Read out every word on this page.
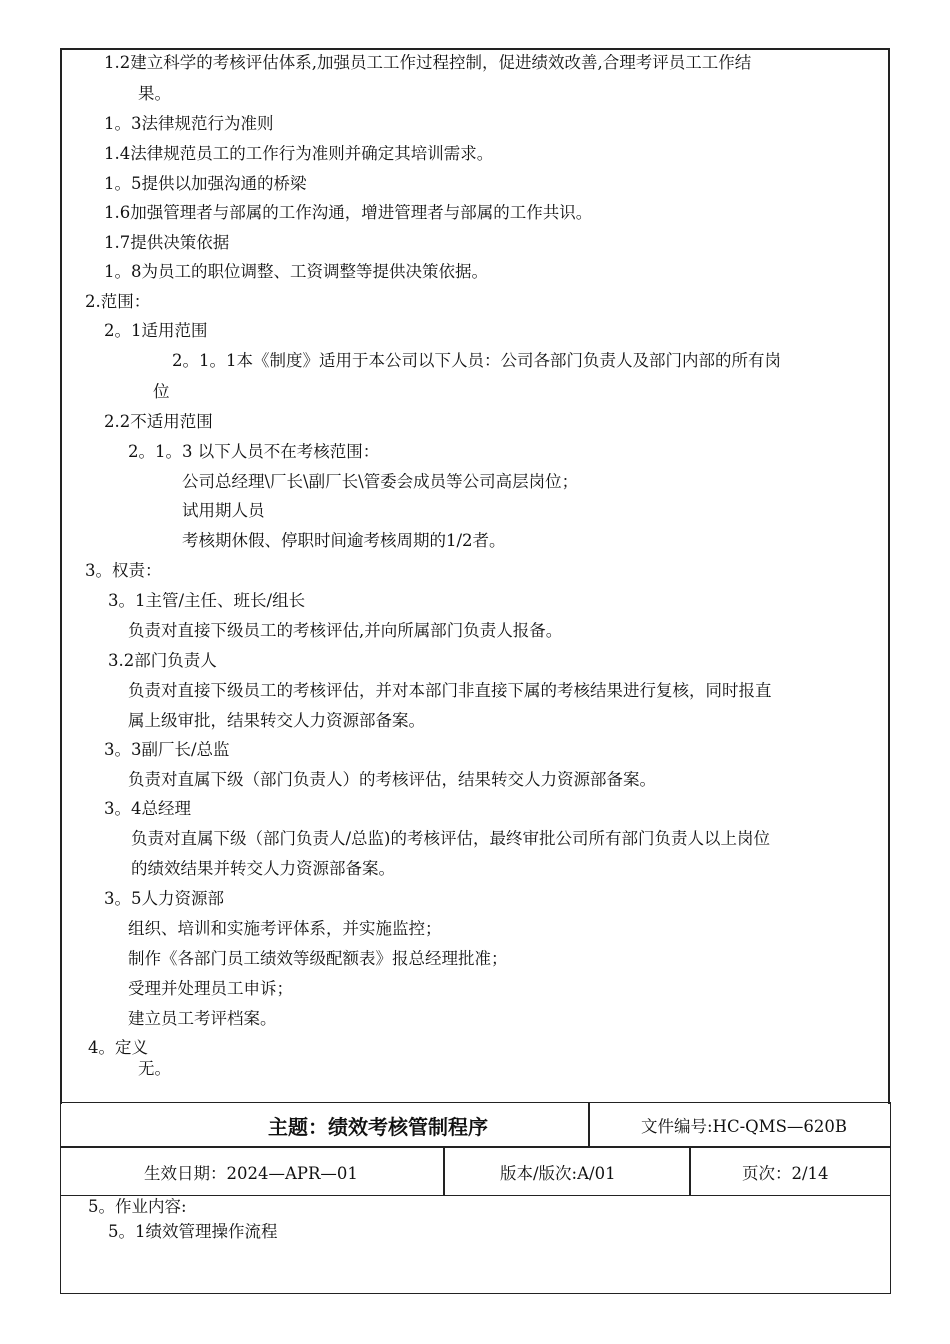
1.2建立科学的考核评估体系,加强员工工作过程控制，促进绩效改善,合理考评员工工作结
果。
1。3法律规范行为准则
1.4法律规范员工的工作行为准则并确定其培训需求。
1。5提供以加强沟通的桥梁
1.6加强管理者与部属的工作沟通，增进管理者与部属的工作共识。
1.7提供决策依据
1。8为员工的职位调整、工资调整等提供决策依据。
2.范围：
2。1适用范围
2。1。1本《制度》适用于本公司以下人员：公司各部门负责人及部门内部的所有岗
位
2.2不适用范围
2。1。3 以下人员不在考核范围：
公司总经理\厂长\副厂长\管委会成员等公司高层岗位；
试用期人员
考核期休假、停职时间逾考核周期的1/2者。
3。权责：
3。1主管/主任、班长/组长
负责对直接下级员工的考核评估,并向所属部门负责人报备。
3.2部门负责人
负责对直接下级员工的考核评估，并对本部门非直接下属的考核结果进行复核，同时报直
属上级审批，结果转交人力资源部备案。
3。3副厂长/总监
负责对直属下级（部门负责人）的考核评估，结果转交人力资源部备案。
3。4总经理
负责对直属下级（部门负责人/总监)的考核评估，最终审批公司所有部门负责人以上岗位
的绩效结果并转交人力资源部备案。
3。5人力资源部
组织、培训和实施考评体系，并实施监控；
制作《各部门员工绩效等级配额表》报总经理批准；
受理并处理员工申诉；
建立员工考评档案。
4。定义
无。
主题：绩效考核管制程序	文件编号:HC-QMS—620B
生效日期：2024—APR—01	版本/版次:A/01	页次：2/14
5。作业内容:
5。1绩效管理操作流程
